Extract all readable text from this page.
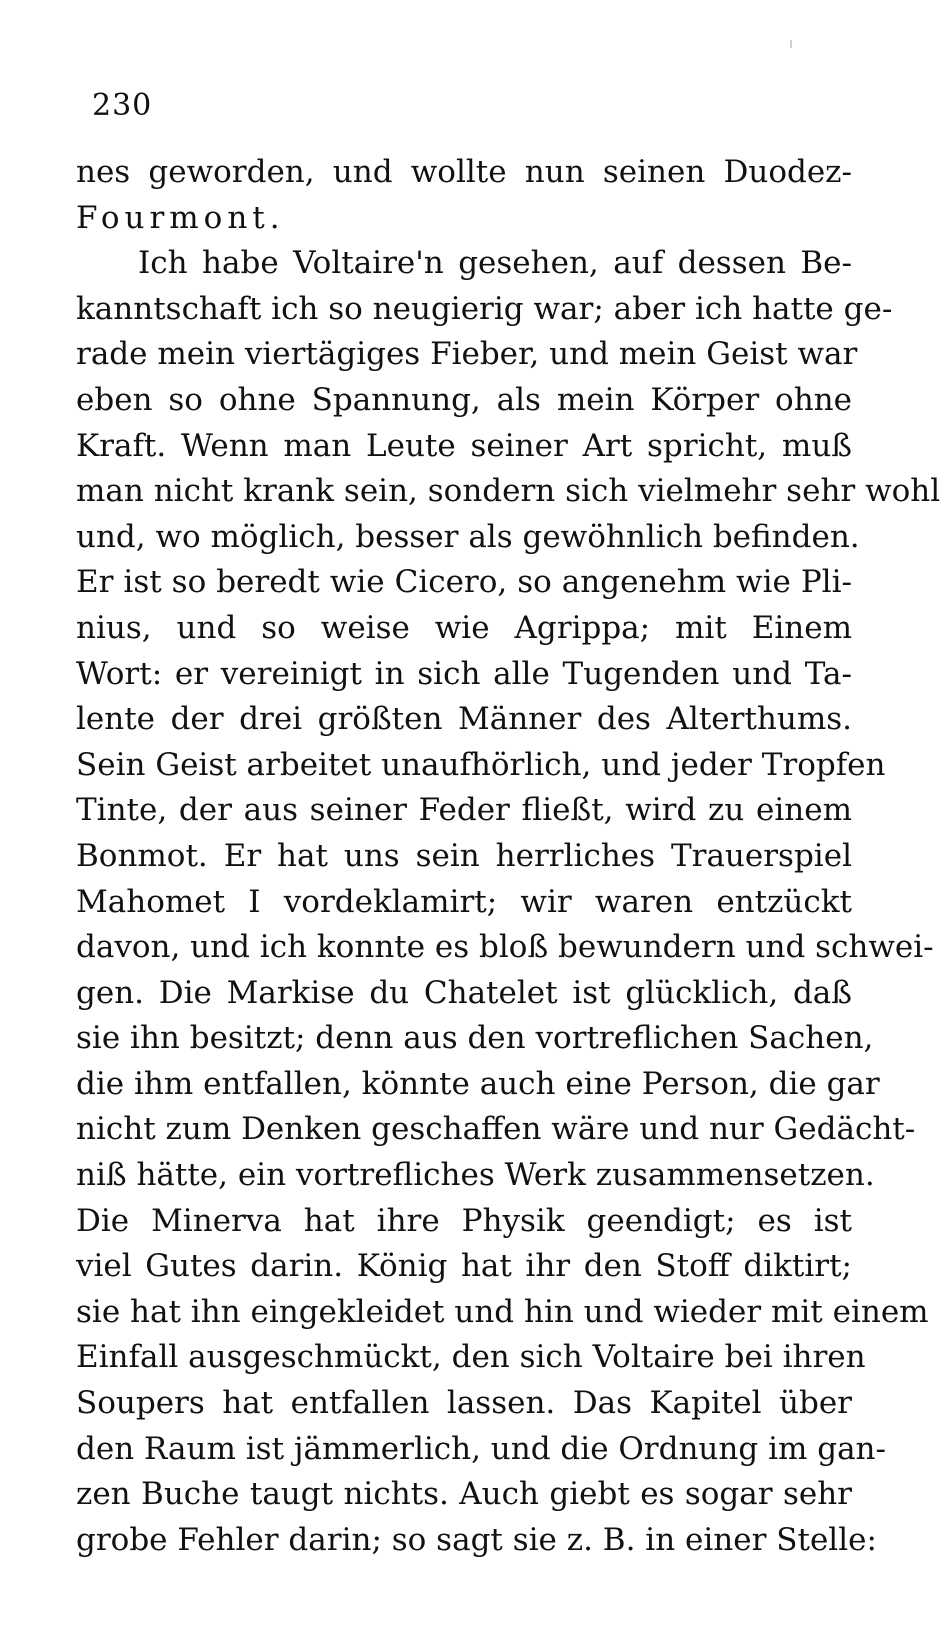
230
nes geworden, und wollte nun seinen Duodez-
Fourmont.
Ich habe Voltaire'n gesehen, auf dessen Be-
kanntschaft ich so neugierig war; aber ich hatte ge-
rade mein viertägiges Fieber, und mein Geist war
eben so ohne Spannung, als mein Körper ohne
Kraft. Wenn man Leute seiner Art spricht, muß
man nicht krank sein, sondern sich vielmehr sehr wohl
und, wo möglich, besser als gewöhnlich befinden.
Er ist so beredt wie Cicero, so angenehm wie Pli-
nius, und so weise wie Agrippa; mit Einem
Wort: er vereinigt in sich alle Tugenden und Ta-
lente der drei größten Männer des Alterthums.
Sein Geist arbeitet unaufhörlich, und jeder Tropfen
Tinte, der aus seiner Feder fließt, wird zu einem
Bonmot. Er hat uns sein herrliches Trauerspiel
Mahomet I vordeklamirt; wir waren entzückt
davon, und ich konnte es bloß bewundern und schwei-
gen. Die Markise du Chatelet ist glücklich, daß
sie ihn besitzt; denn aus den vortreflichen Sachen,
die ihm entfallen, könnte auch eine Person, die gar
nicht zum Denken geschaffen wäre und nur Gedächt-
niß hätte, ein vortrefliches Werk zusammensetzen.
Die Minerva hat ihre Physik geendigt; es ist
viel Gutes darin. König hat ihr den Stoff diktirt;
sie hat ihn eingekleidet und hin und wieder mit einem
Einfall ausgeschmückt, den sich Voltaire bei ihren
Soupers hat entfallen lassen. Das Kapitel über
den Raum ist jämmerlich, und die Ordnung im gan-
zen Buche taugt nichts. Auch giebt es sogar sehr
grobe Fehler darin; so sagt sie z. B. in einer Stelle:
